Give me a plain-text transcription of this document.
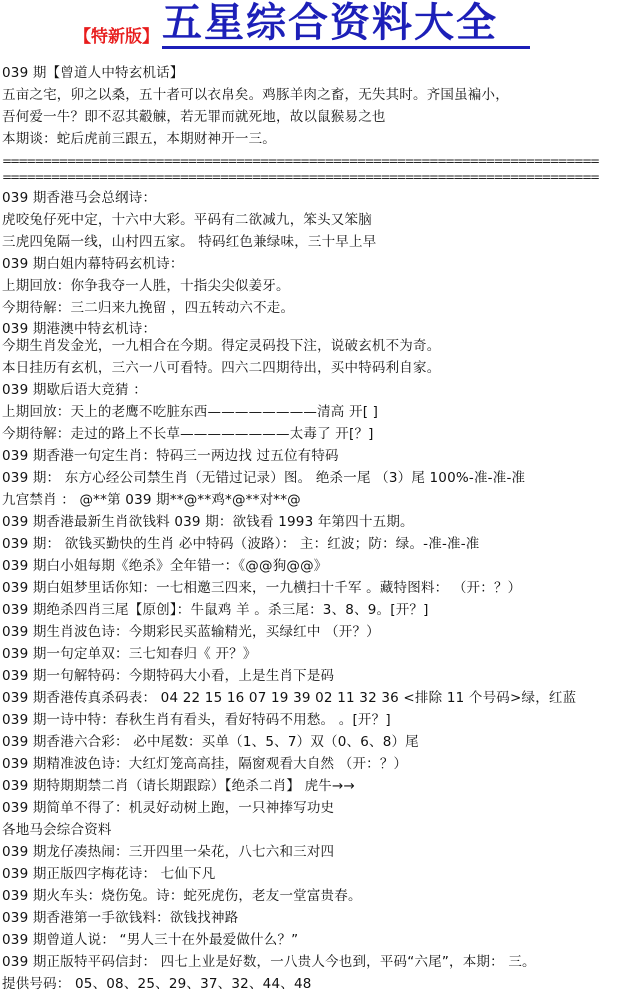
【特新版】 五星综合资料大全
039 期【曾道人中特玄机话】
五亩之宅，卯之以桑，五十者可以衣帛矣。鸡豚羊肉之畜，无失其时。齐国虽褊小，
吾何爱一牛？即不忍其觳觫，若无罪而就死地，故以鼠猴易之也
本期谈：蛇后虎前三跟五，本期财神开一三。
==========================================================================
==========================================================================
039 期香港马会总纲诗：
虎咬兔仔死中定，十六中大彩。平码有二欲减九，笨头又笨脑
三虎四兔隔一线，山村四五家。 特码红色兼绿味，三十早上早
039 期白姐内幕特码玄机诗：
上期回放：你争我夺一人胜，十指尖尖似姜牙。
今期待解：三二归来九挽留 ，四五转动六不走。
039 期港澳中特玄机诗：
今期生肖发金光，一九相合在今期。得定灵码投下注，说破玄机不为奇。
本日挂历有玄机，三六一八可看特。四六二四期待出，买中特码利自家。
039 期歇后语大竞猜 ：
上期回放：天上的老鹰不吃脏东西————————清高 开[ ]
今期待解：走过的路上不长草————————太毒了 开[？]
039 期香港一句定生肖：特码三一两边找 过五位有特码
039 期： 东方心经公司禁生肖（无错过记录）图。 绝杀一尾 （3）尾 100%-准-准-准
九宫禁肖 ： @**第 039 期**@**鸡*@**对**@
039 期香港最新生肖欲钱料 039 期：欲钱看 1993 年第四十五期。
039 期： 欲钱买勤快的生肖 必中特码（波路）： 主：红波；防：绿。-准-准-准
039 期白小姐每期《绝杀》全年错一：《@@狗@@》
039 期白姐梦里话你知：一七相邀三四来，一九横扫十千军 。藏特图料： （开：？）
039 期绝杀四肖三尾【原创】：牛鼠鸡 羊 。杀三尾：3、8、9。[开？]
039 期生肖波色诗：今期彩民买蓝输精光，买绿红中 （开？）
039 期一句定单双：三七知春归《 开？》
039 期一句解特码：今期特码大小看，上是生肖下是码
039 期香港传真杀码表： 04 22 15 16 07 19 39 02 11 32 36 <排除 11 个号码>绿，红蓝
039 期一诗中特：春秋生肖有看头，看好特码不用愁。 。[开？]
039 期香港六合彩： 必中尾数：买单（1、5、7）双（0、6、8）尾
039 期精准波色诗：大红灯笼高高挂，隔窗观看大自然 （开：？）
039 期特期期禁二肖（请长期跟踪）【绝杀二肖】 虎牛→→
039 期简单不得了：机灵好动树上跑，一只神捧写功史
各地马会综合资料
039 期龙仔凑热闹：三开四里一朵花，八七六和三对四
039 期正版四字梅花诗： 七仙下凡
039 期火车头：烧伤兔。诗：蛇死虎伤，老友一堂富贵春。
039 期香港第一手欲钱料：欲钱找神路
039 期曾道人说： “男人三十在外最爱做什么？”
039 期正版特平码信封： 四七上业是好数，一八贵人今也到，平码“六尾”，本期： 三。
提供号码： 05、08、25、29、37、32、44、48
